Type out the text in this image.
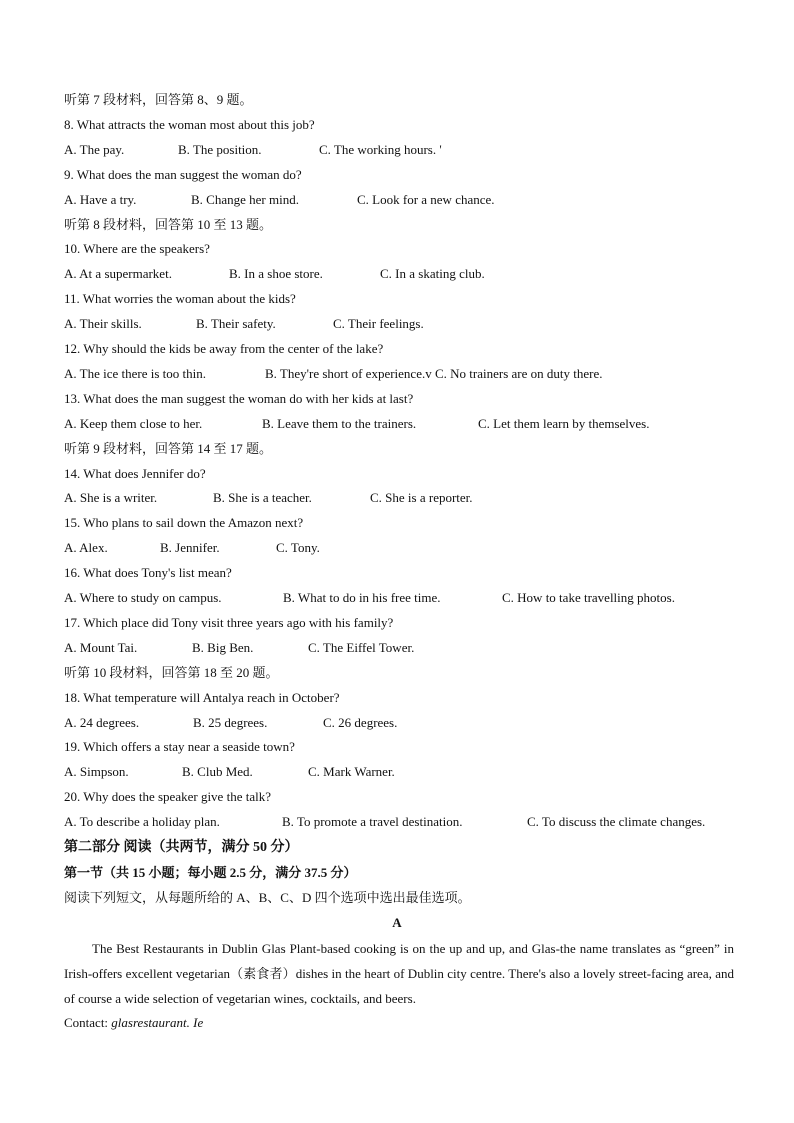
听第 7 段材料，回答第 8、9 题。
8. What attracts the woman most about this job?
A. The pay.	B. The position.	C. The working hours. '
9. What does the man suggest the woman do?
A. Have a try.	B. Change her mind.	C. Look for a new chance.
听第 8 段材料，回答第 10 至 13 题。
10. Where are the speakers?
A. At a supermarket.	B. In a shoe store.	C. In a skating club.
11. What worries the woman about the kids?
A. Their skills.	B. Their safety.	C. Their feelings.
12. Why should the kids be away from the center of the lake?
A. The ice there is too thin.	B. They're short of experience.v C. No trainers are on duty there.
13. What does the man suggest the woman do with her kids at last?
A. Keep them close to her.	B. Leave them to the trainers.	C. Let them learn by themselves.
听第 9 段材料，回答第 14 至 17 题。
14. What does Jennifer do?
A. She is a writer.	B. She is a teacher.	C. She is a reporter.
15. Who plans to sail down the Amazon next?
A. Alex.	B. Jennifer.	C. Tony.
16. What does Tony's list mean?
A. Where to study on campus.	B. What to do in his free time.	C. How to take travelling photos.
17. Which place did Tony visit three years ago with his family?
A. Mount Tai.	B. Big Ben.	C. The Eiffel Tower.
听第 10 段材料，回答第 18 至 20 题。
18. What temperature will Antalya reach in October?
A. 24 degrees.	B. 25 degrees.	C. 26 degrees.
19. Which offers a stay near a seaside town?
A. Simpson.	B. Club Med.	C. Mark Warner.
20. Why does the speaker give the talk?
A. To describe a holiday plan.	B. To promote a travel destination.	C. To discuss the climate changes.
第二部分 阅读（共两节，满分 50 分）
第一节（共 15 小题；每小题 2.5 分，满分 37.5 分）
阅读下列短文，从每题所给的 A、B、C、D 四个选项中选出最佳选项。
A
The Best Restaurants in Dublin Glas Plant-based cooking is on the up and up, and Glas-the name translates as “green” in Irish-offers excellent vegetarian（素食者）dishes in the heart of Dublin city centre. There's also a lovely street-facing area, and of course a wide selection of vegetarian wines, cocktails, and beers.
Contact: glasrestaurant. Ie
